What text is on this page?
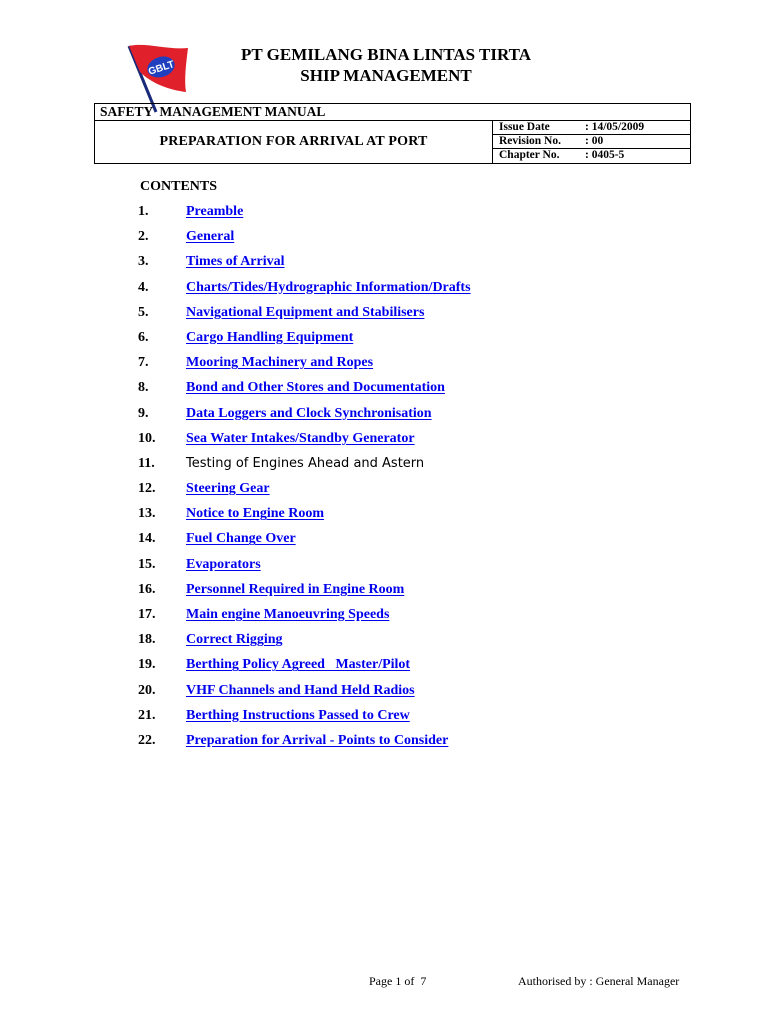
GBLT
PT GEMILANG BINA LINTAS TIRTA
SHIP MANAGEMENT
SAFETY  MANAGEMENT MANUAL
PREPARATION FOR ARRIVAL AT PORT
Issue Date	: 14/05/2009
Revision No. : 00
Chapter No. : 0405-5
CONTENTS
1.	Preamble
2.	General
3.	Times of Arrival
4.	Charts/Tides/Hydrographic Information/Drafts
5.	Navigational Equipment and Stabilisers
6.	Cargo Handling Equipment
7.	Mooring Machinery and Ropes
8.	Bond and Other Stores and Documentation
9.	Data Loggers and Clock Synchronisation
10. Sea Water Intakes/Standby Generator
11. Testing of Engines Ahead and Astern
12. Steering Gear
13. Notice to Engine Room
14. Fuel Change Over
15. Evaporators
16. Personnel Required in Engine Room
17. Main engine Manoeuvring Speeds
18. Correct Rigging
19. Berthing Policy Agreed   Master/Pilot
20. VHF Channels and Hand Held Radios
21. Berthing Instructions Passed to Crew
22. Preparation for Arrival - Points to Consider
Page 1 of  7	Authorised by : General Manager
